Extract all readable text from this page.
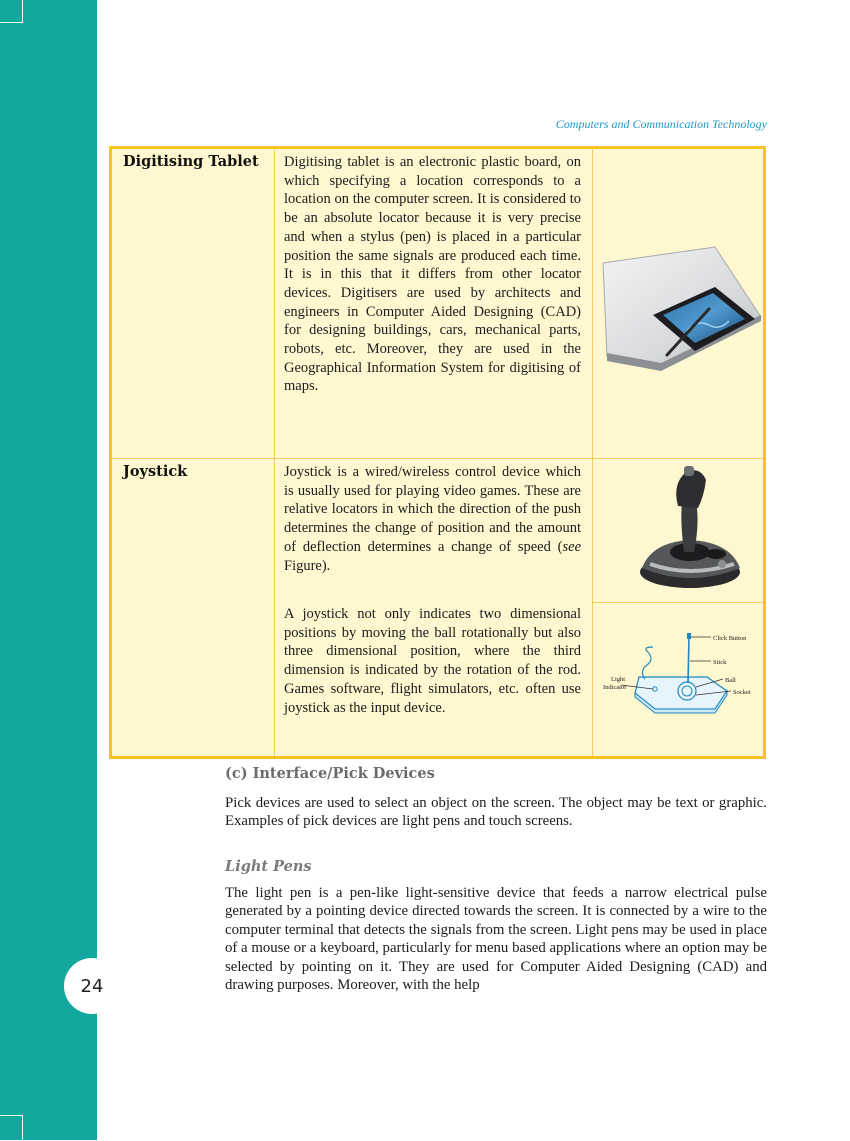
Computers and Communication Technology
Digitising Tablet Digitising tablet is an electronic plastic board, on which specifying a location corresponds to a location on the computer screen. It is considered to be an absolute locator because it is very precise and when a stylus (pen) is placed in a particular position the same signals are produced each time. It is in this that it differs from other locator devices. Digitisers are used by architects and engineers in Computer Aided Designing (CAD) for designing buildings, cars, mechanical parts, robots, etc. Moreover, they are used in the Geographical Information System for digitising of maps.
Joystick	Joystick is a wired/wireless control device which is usually used for playing video games. These are relative locators in which the direction of the push determines the change of position and the amount of deflection determines a change of speed (see Figure).
A joystick not only indicates two dimensional positions by moving the ball rotationally but also three dimensional position, where the third dimension is indicated by the rotation of the rod. Games software, flight simulators, etc. often use joystick as the input device.
Click Button
Stick
Ball
Socket
Light
Indicator
(c) Interface/Pick Devices
Pick devices are used to select an object on the screen. The object may be text or graphic. Examples of pick devices are light pens and touch screens.
Light Pens
The light pen is a pen-like light-sensitive device that feeds a narrow electrical pulse generated by a pointing device directed towards the screen. It is connected by a wire to the computer terminal that detects the signals from the screen. Light pens may be used in place of a mouse or a keyboard, particularly for menu based applications where an option may be selected by pointing on it. They are used for Computer Aided Designing (CAD) and drawing purposes. Moreover, with the help
24
